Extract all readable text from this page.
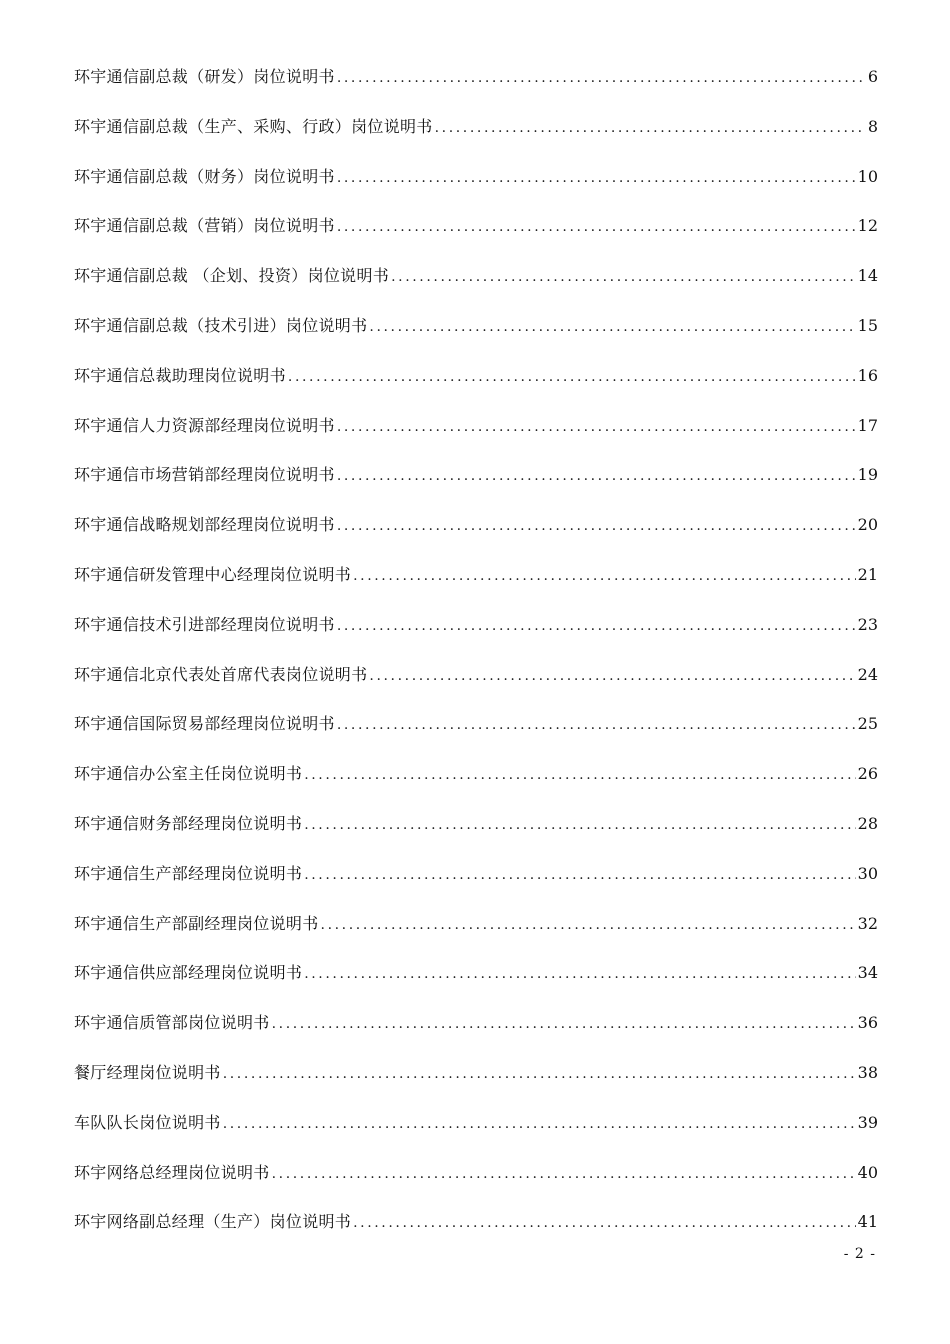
环宇通信副总裁（研发）岗位说明书 .....	6
环宇通信副总裁（生产、采购、行政）岗位说明书 .....	8
环宇通信副总裁（财务）岗位说明书 .....	10
环宇通信副总裁（营销）岗位说明书 .....	12
环宇通信副总裁 （企划、投资）岗位说明书 .....	14
环宇通信副总裁（技术引进）岗位说明书 .....	15
环宇通信总裁助理岗位说明书 .....	16
环宇通信人力资源部经理岗位说明书 .....	17
环宇通信市场营销部经理岗位说明书 .....	19
环宇通信战略规划部经理岗位说明书 .....	20
环宇通信研发管理中心经理岗位说明书 .....	21
环宇通信技术引进部经理岗位说明书 .....	23
环宇通信北京代表处首席代表岗位说明书 .....	24
环宇通信国际贸易部经理岗位说明书 .....	25
环宇通信办公室主任岗位说明书 .....	26
环宇通信财务部经理岗位说明书 .....	28
环宇通信生产部经理岗位说明书 .....	30
环宇通信生产部副经理岗位说明书 .....	32
环宇通信供应部经理岗位说明书 .....	34
环宇通信质管部岗位说明书 .....	36
餐厅经理岗位说明书 .....	38
车队队长岗位说明书 .....	39
环宇网络总经理岗位说明书 .....	40
环宇网络副总经理（生产）岗位说明书 .....	41
- 2 -
